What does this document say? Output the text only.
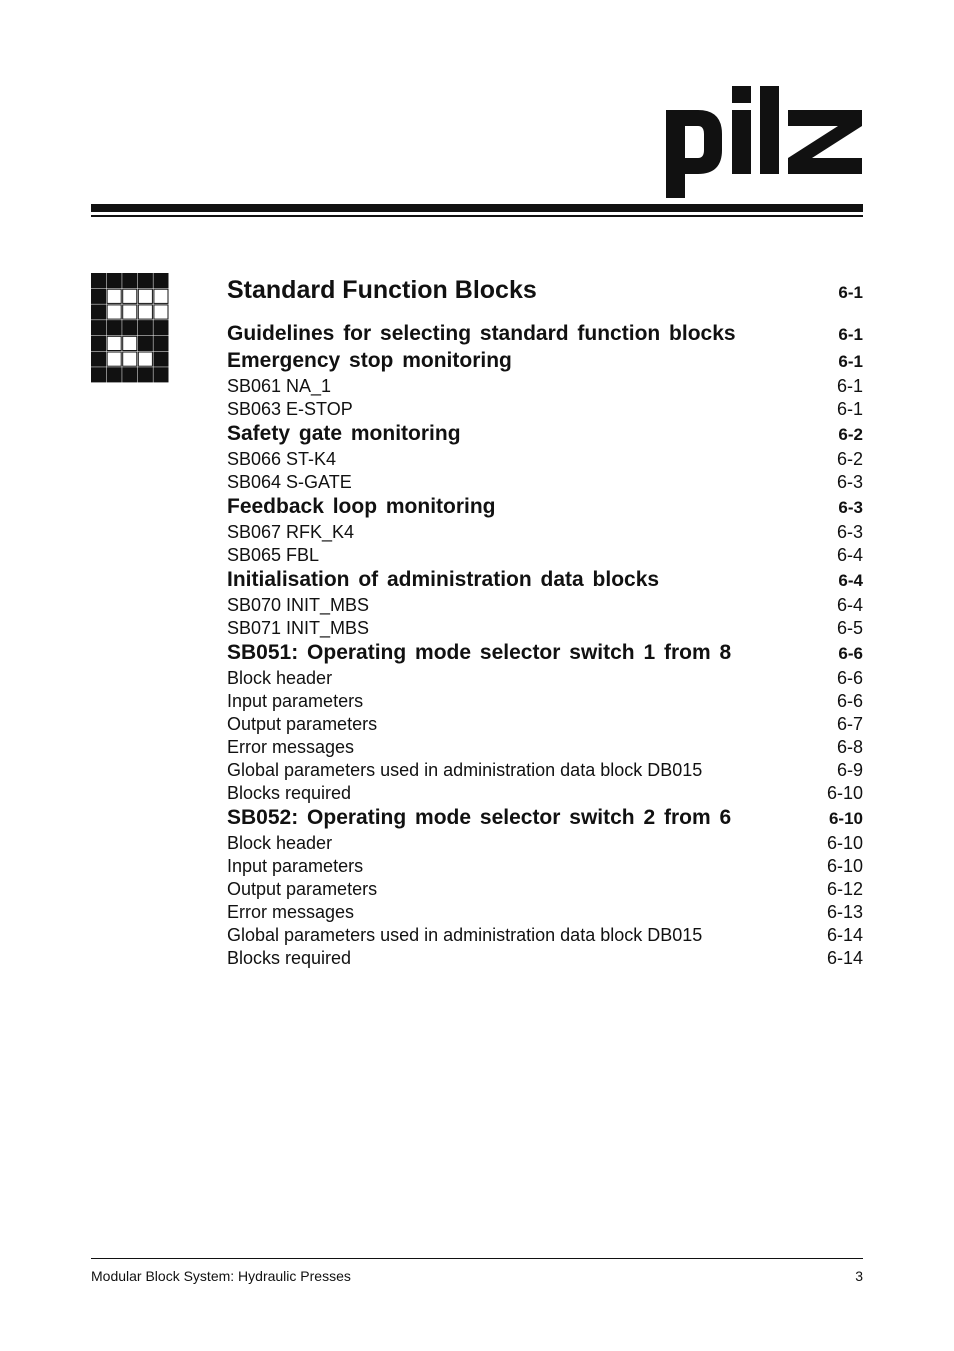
Standard Function Blocks	6-1
Guidelines for selecting standard function blocks	6-1
Emergency stop monitoring	6-1
SB061 NA_1	6-1
SB063 E-STOP	6-1
Safety gate monitoring	6-2
SB066 ST-K4	6-2
SB064 S-GATE	6-3
Feedback loop monitoring	6-3
SB067 RFK_K4	6-3
SB065 FBL	6-4
Initialisation of administration data blocks	6-4
SB070 INIT_MBS	6-4
SB071 INIT_MBS	6-5
SB051: Operating mode selector switch 1 from 8	6-6
Block header	6-6
Input parameters	6-6
Output parameters	6-7
Error messages	6-8
Global parameters used in administration data block DB015	6-9
Blocks required	6-10
SB052: Operating mode selector switch 2 from 6	6-10
Block header	6-10
Input parameters	6-10
Output parameters	6-12
Error messages	6-13
Global parameters used in administration data block DB015	6-14
Blocks required	6-14
Modular Block System: Hydraulic Presses	3
